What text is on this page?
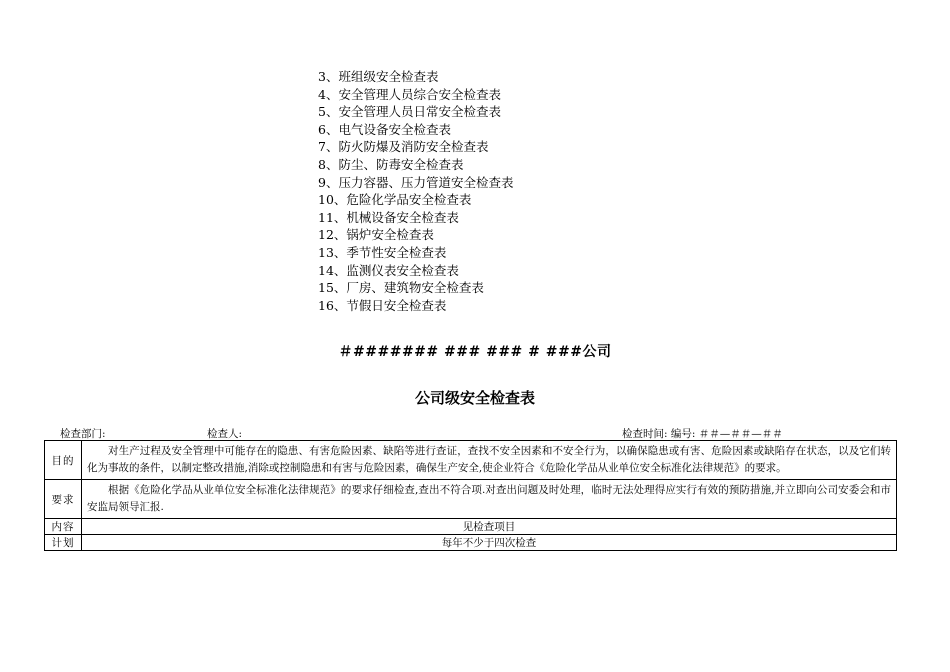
3、班组级安全检查表
4、安全管理人员综合安全检查表
5、安全管理人员日常安全检查表
6、电气设备安全检查表
7、防火防爆及消防安全检查表
8、防尘、防毒安全检查表
9、压力容器、压力管道安全检查表
10、危险化学品安全检查表
11、机械设备安全检查表
12、锅炉安全检查表
13、季节性安全检查表
14、监测仪表安全检查表
15、厂房、建筑物安全检查表
16、节假日安全检查表
＃####### ### ### # ###公司
公司级安全检查表
检查部门:	检查人:	检查时间: 编号: ＃＃—＃＃—＃＃
目的	对生产过程及安全管理中可能存在的隐患、有害危险因素、缺陷等进行查证，查找不安全因素和不安全行为，以确保隐患或有害、危险因素或缺陷存在状态，以及它们转化为事故的条件，以制定整改措施,消除或控制隐患和有害与危险因素，确保生产安全,使企业符合《危险化学品从业单位安全标准化法律规范》的要求。
要求	根据《危险化学品从业单位安全标准化法律规范》的要求仔细检查,查出不符合项.对查出问题及时处理，临时无法处理得应实行有效的预防措施,并立即向公司安委会和市安监局领导汇报.
内容	见检查项目
计划	每年不少于四次检查
